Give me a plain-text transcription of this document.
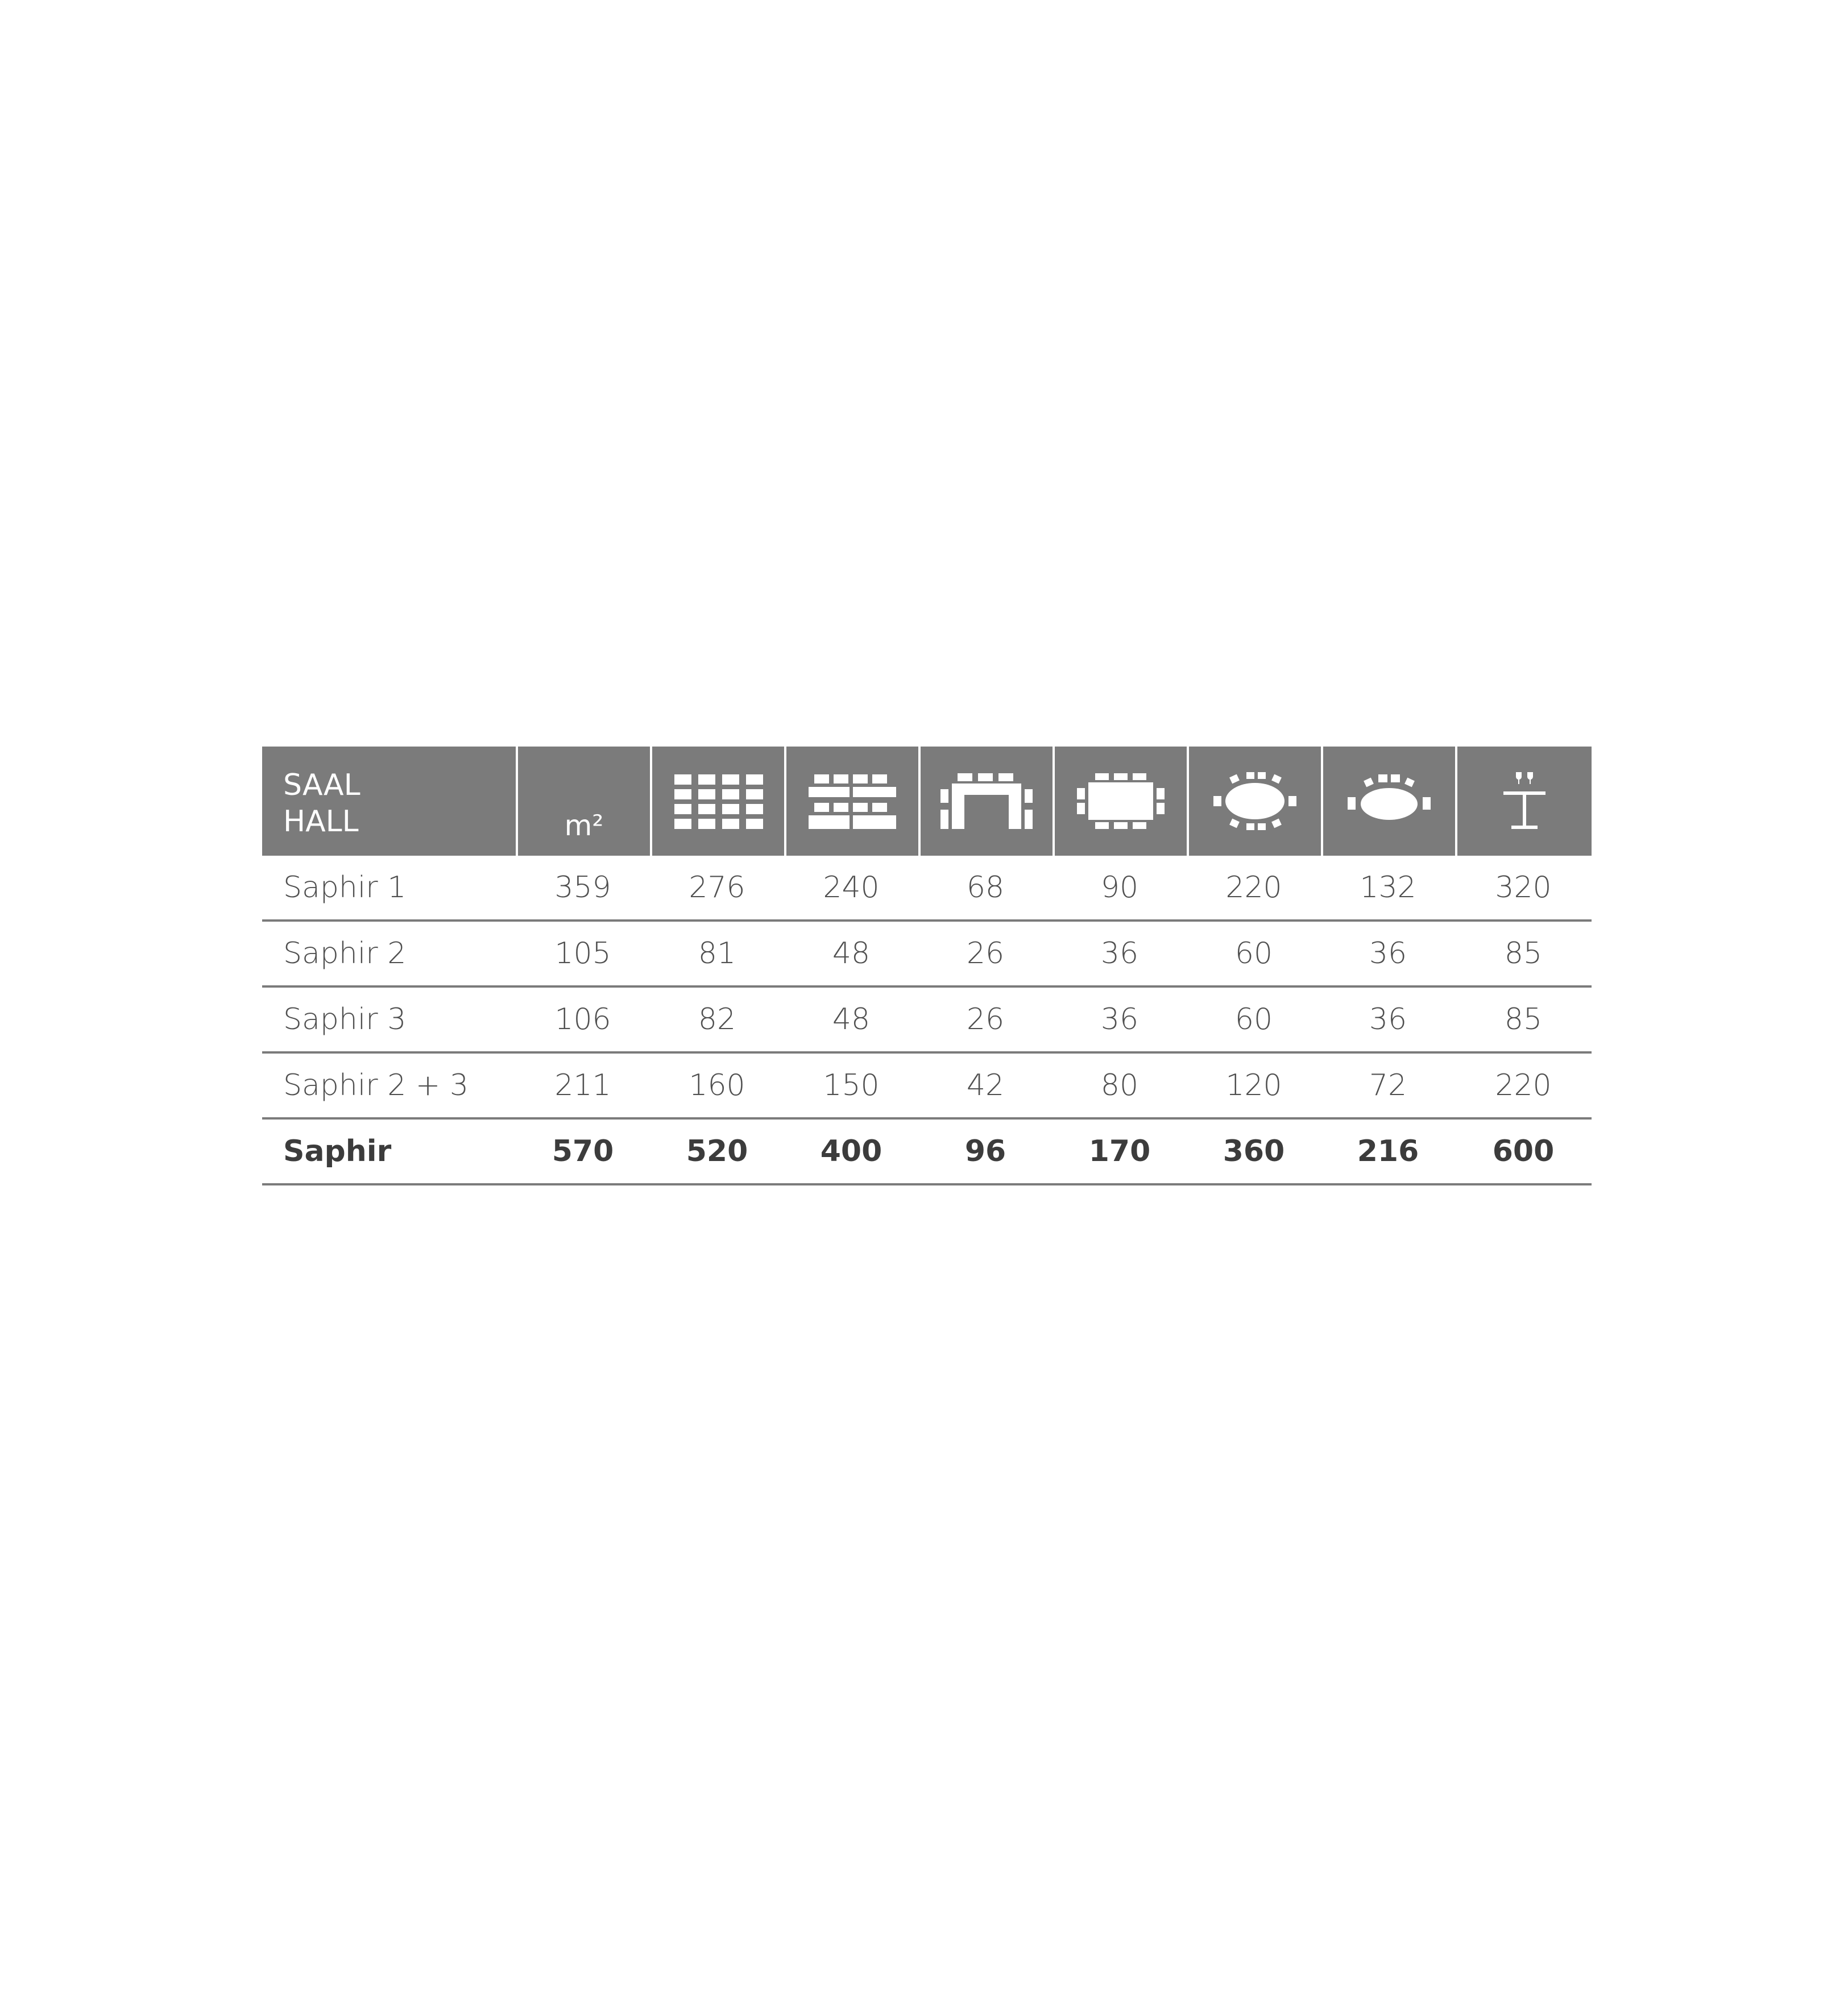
SAAL
HALL	m²
Saphir 1	359	276	240	68	90	220	132	320
Saphir 2	105	81	48	26	36	60	36	85
Saphir 3	106	82	48	26	36	60	36	85
Saphir 2 + 3	211	160	150	42	80	120	72	220
Saphir	570	520	400	96	170	360	216	600
